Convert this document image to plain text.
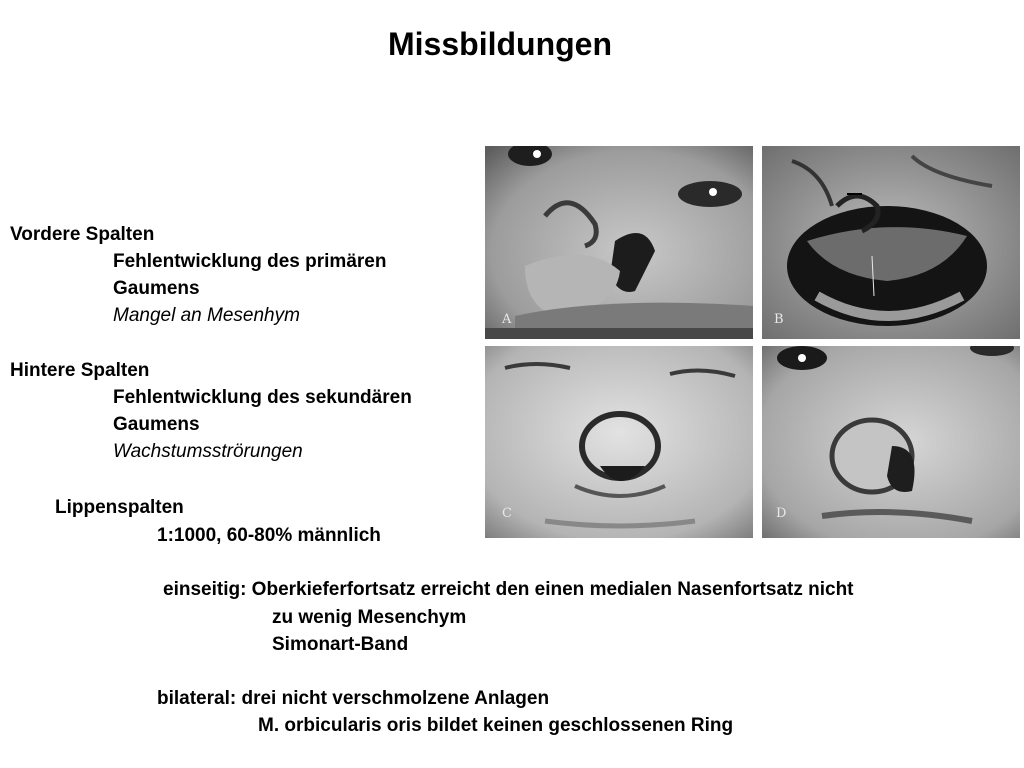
Missbildungen
Vordere Spalten
Fehlentwicklung des primären
Gaumens
Mangel an Mesenhym
Hintere Spalten
Fehlentwicklung des sekundären
Gaumens
Wachstumsströrungen
Lippenspalten
1:1000, 60-80% männlich
einseitig: Oberkieferfortsatz erreicht den einen medialen Nasenfortsatz nicht
zu wenig Mesenchym
Simonart-Band
bilateral: drei nicht verschmolzene Anlagen
M. orbicularis oris bildet keinen geschlossenen Ring
A	B
C	D
